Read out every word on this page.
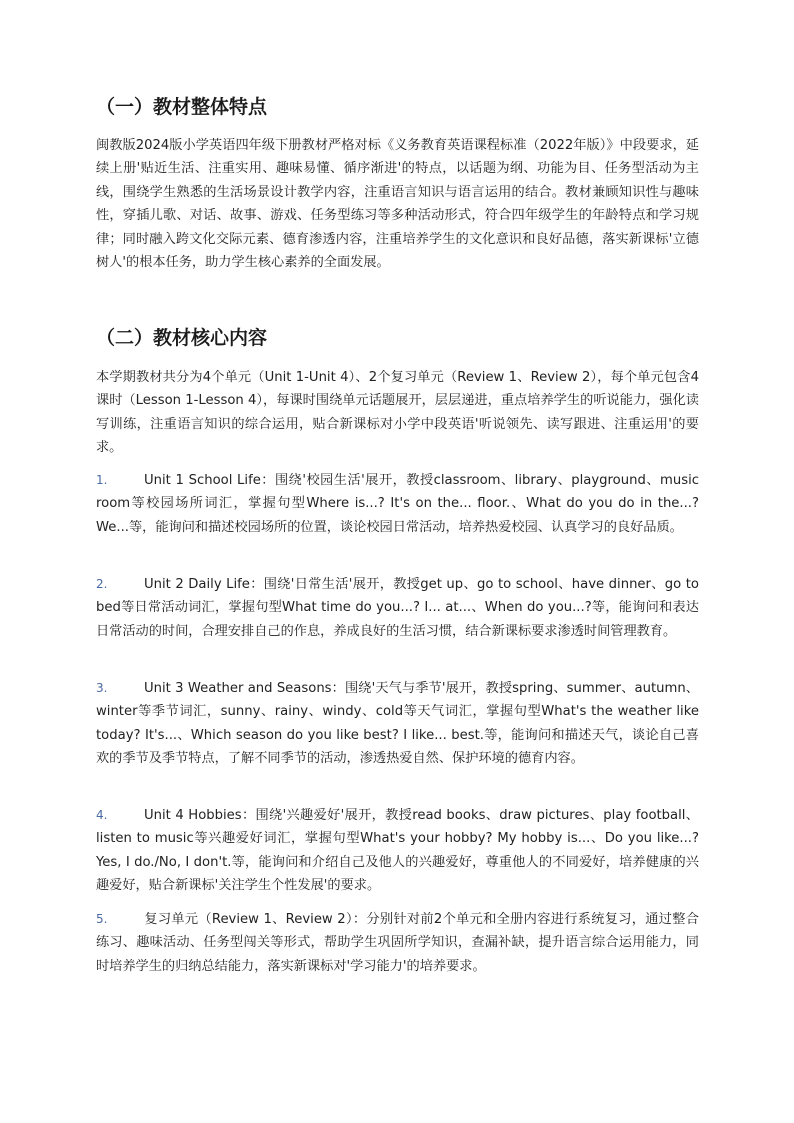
（一）教材整体特点

闽教版2024版小学英语四年级下册教材严格对标《义务教育英语课程标准（2022年版）》中段要求，延续上册'贴近生活、注重实用、趣味易懂、循序渐进'的特点，以话题为纲、功能为目、任务型活动为主线，围绕学生熟悉的生活场景设计教学内容，注重语言知识与语言运用的结合。教材兼顾知识性与趣味性，穿插儿歌、对话、故事、游戏、任务型练习等多种活动形式，符合四年级学生的年龄特点和学习规律；同时融入跨文化交际元素、德育渗透内容，注重培养学生的文化意识和良好品德，落实新课标'立德树人'的根本任务，助力学生核心素养的全面发展。

（二）教材核心内容

本学期教材共分为4个单元（Unit 1-Unit 4）、2个复习单元（Review 1、Review 2），每个单元包含4课时（Lesson 1-Lesson 4），每课时围绕单元话题展开，层层递进，重点培养学生的听说能力，强化读写训练，注重语言知识的综合运用，贴合新课标对小学中段英语'听说领先、读写跟进、注重运用'的要求。

1.	Unit 1 School Life：围绕'校园生活'展开，教授classroom、library、playground、music room等校园场所词汇，掌握句型Where is...? It's on the... floor.、What do you do in the...? We...等，能询问和描述校园场所的位置，谈论校园日常活动，培养热爱校园、认真学习的良好品质。
2.	Unit 2 Daily Life：围绕'日常生活'展开，教授get up、go to school、have dinner、go to bed等日常活动词汇，掌握句型What time do you...? I... at...、When do you...?等，能询问和表达日常活动的时间，合理安排自己的作息，养成良好的生活习惯，结合新课标要求渗透时间管理教育。
3.	Unit 3 Weather and Seasons：围绕'天气与季节'展开，教授spring、summer、autumn、winter等季节词汇，sunny、rainy、windy、cold等天气词汇，掌握句型What's the weather like today? It's...、Which season do you like best? I like... best.等，能询问和描述天气，谈论自己喜欢的季节及季节特点，了解不同季节的活动，渗透热爱自然、保护环境的德育内容。
4.	Unit 4 Hobbies：围绕'兴趣爱好'展开，教授read books、draw pictures、play football、listen to music等兴趣爱好词汇，掌握句型What's your hobby? My hobby is...、Do you like...? Yes, I do./No, I don't.等，能询问和介绍自己及他人的兴趣爱好，尊重他人的不同爱好，培养健康的兴趣爱好，贴合新课标'关注学生个性发展'的要求。
5.	复习单元（Review 1、Review 2）：分别针对前2个单元和全册内容进行系统复习，通过整合练习、趣味活动、任务型闯关等形式，帮助学生巩固所学知识，查漏补缺，提升语言综合运用能力，同时培养学生的归纳总结能力，落实新课标对'学习能力'的培养要求。
